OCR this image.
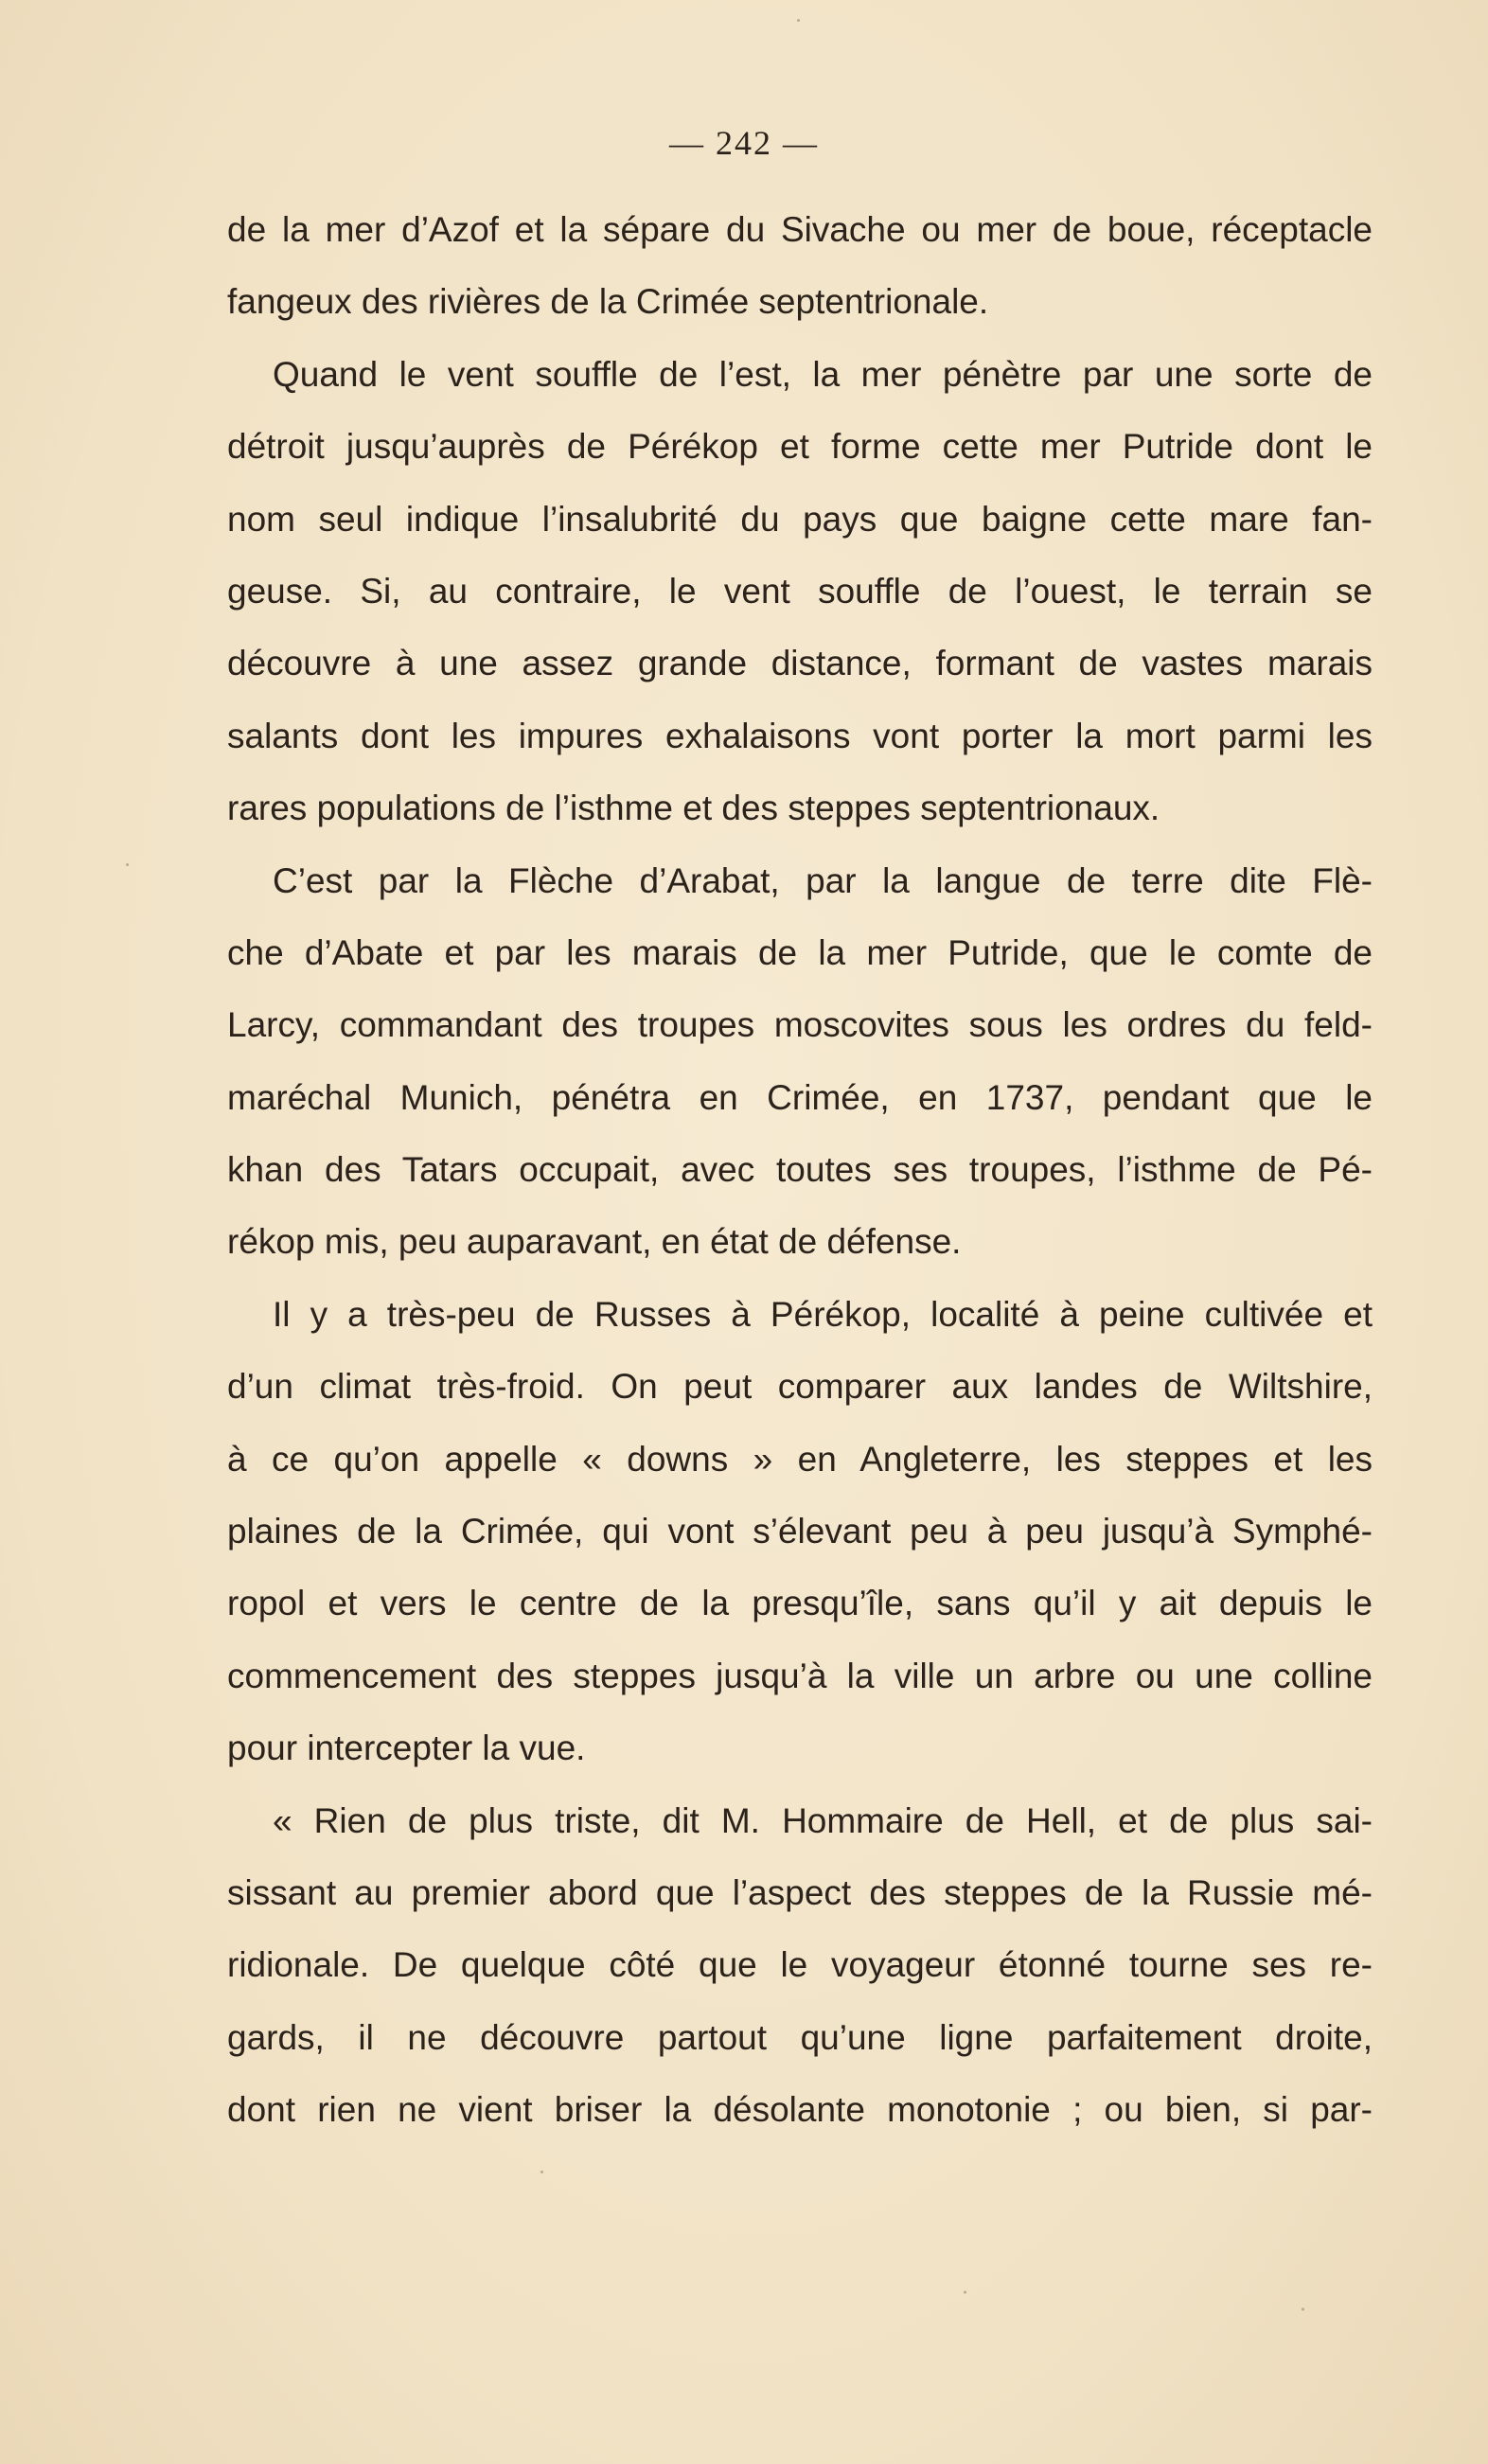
— 242 —
de la mer d’Azof et la sépare du Sivache ou mer de boue, réceptacle
fangeux des rivières de la Crimée septentrionale.
Quand le vent souffle de l’est, la mer pénètre par une sorte de
détroit jusqu’auprès de Pérékop et forme cette mer Putride dont le
nom seul indique l’insalubrité du pays que baigne cette mare fan-
geuse. Si, au contraire, le vent souffle de l’ouest, le terrain se
découvre à une assez grande distance, formant de vastes marais
salants dont les impures exhalaisons vont porter la mort parmi les
rares populations de l’isthme et des steppes septentrionaux.
C’est par la Flèche d’Arabat, par la langue de terre dite Flè-
che d’Abate et par les marais de la mer Putride, que le comte de
Larcy, commandant des troupes moscovites sous les ordres du feld-
maréchal Munich, pénétra en Crimée, en 1737, pendant que le
khan des Tatars occupait, avec toutes ses troupes, l’isthme de Pé-
rékop mis, peu auparavant, en état de défense.
Il y a très-peu de Russes à Pérékop, localité à peine cultivée et
d’un climat très-froid. On peut comparer aux landes de Wiltshire,
à ce qu’on appelle « downs » en Angleterre, les steppes et les
plaines de la Crimée, qui vont s’élevant peu à peu jusqu’à Symphé-
ropol et vers le centre de la presqu’île, sans qu’il y ait depuis le
commencement des steppes jusqu’à la ville un arbre ou une colline
pour intercepter la vue.
« Rien de plus triste, dit M. Hommaire de Hell, et de plus sai-
sissant au premier abord que l’aspect des steppes de la Russie mé-
ridionale. De quelque côté que le voyageur étonné tourne ses re-
gards, il ne découvre partout qu’une ligne parfaitement droite,
dont rien ne vient briser la désolante monotonie ; ou bien, si par-
